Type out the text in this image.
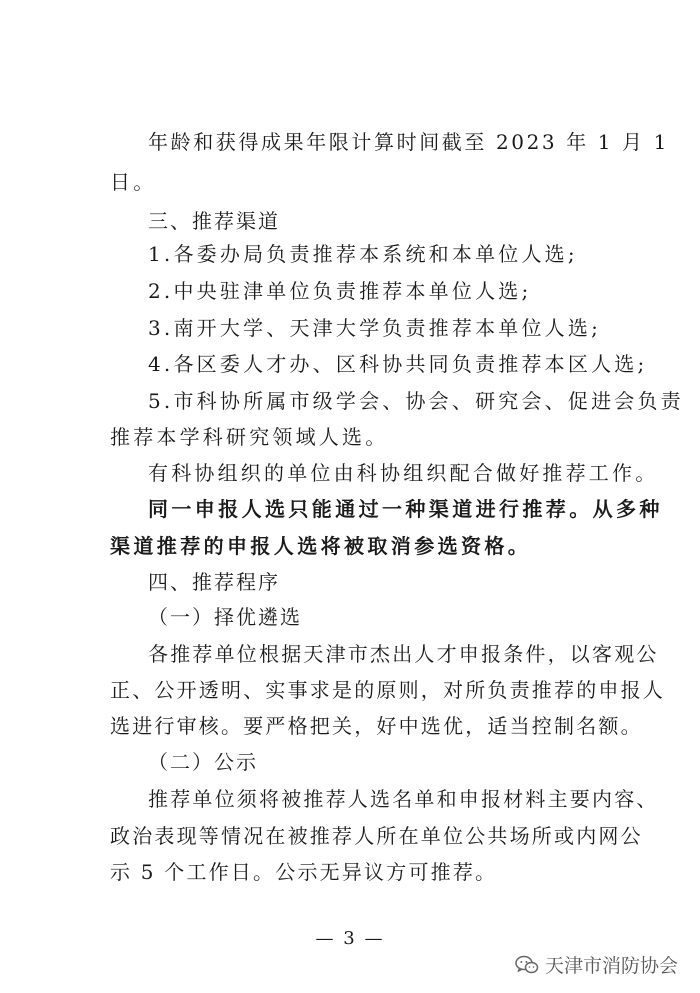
年龄和获得成果年限计算时间截至 2023 年 1 月 1
日。
三、推荐渠道
1.各委办局负责推荐本系统和本单位人选;
2.中央驻津单位负责推荐本单位人选;
3.南开大学、天津大学负责推荐本单位人选;
4.各区委人才办、区科协共同负责推荐本区人选;
5.市科协所属市级学会、协会、研究会、促进会负责
推荐本学科研究领域人选。
有科协组织的单位由科协组织配合做好推荐工作。
同一申报人选只能通过一种渠道进行推荐。从多种
渠道推荐的申报人选将被取消参选资格。
四、推荐程序
（一）择优遴选
各推荐单位根据天津市杰出人才申报条件，以客观公
正、公开透明、实事求是的原则，对所负责推荐的申报人
选进行审核。要严格把关，好中选优，适当控制名额。
（二）公示
推荐单位须将被推荐人选名单和申报材料主要内容、
政治表现等情况在被推荐人所在单位公共场所或内网公
示 5 个工作日。公示无异议方可推荐。
— 3 —
天津市消防协会
